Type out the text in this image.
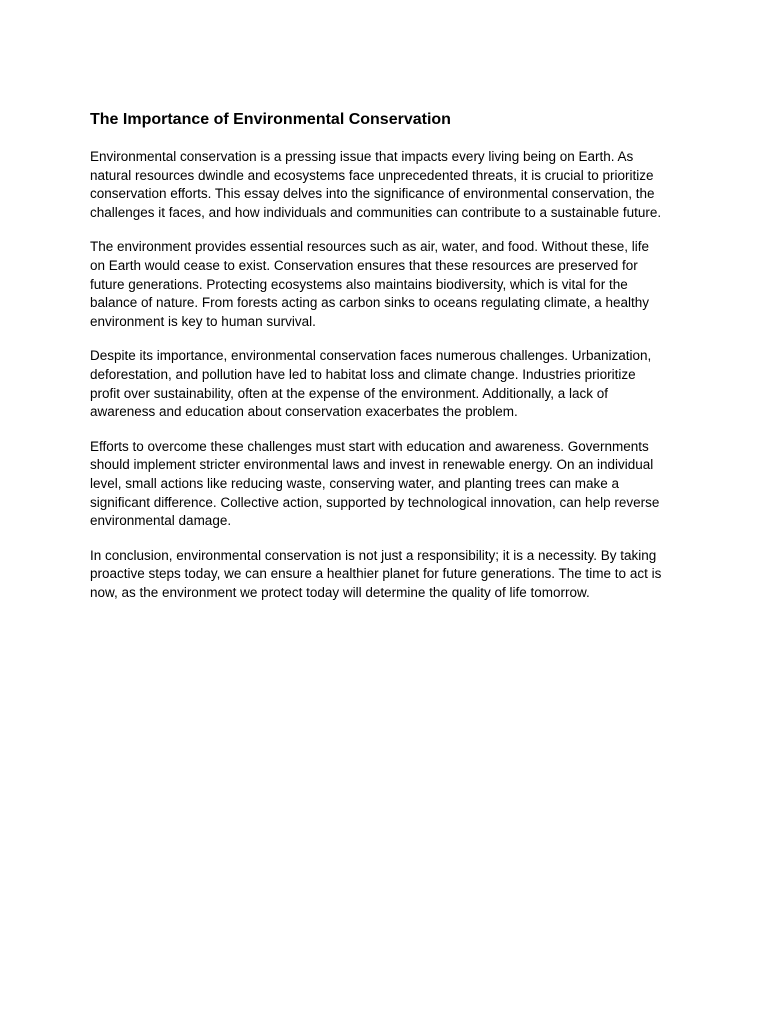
The Importance of Environmental Conservation

Environmental conservation is a pressing issue that impacts every living being on Earth. As
natural resources dwindle and ecosystems face unprecedented threats, it is crucial to prioritize
conservation efforts. This essay delves into the significance of environmental conservation, the
challenges it faces, and how individuals and communities can contribute to a sustainable future.

The environment provides essential resources such as air, water, and food. Without these, life
on Earth would cease to exist. Conservation ensures that these resources are preserved for
future generations. Protecting ecosystems also maintains biodiversity, which is vital for the
balance of nature. From forests acting as carbon sinks to oceans regulating climate, a healthy
environment is key to human survival.

Despite its importance, environmental conservation faces numerous challenges. Urbanization,
deforestation, and pollution have led to habitat loss and climate change. Industries prioritize
profit over sustainability, often at the expense of the environment. Additionally, a lack of
awareness and education about conservation exacerbates the problem.

Efforts to overcome these challenges must start with education and awareness. Governments
should implement stricter environmental laws and invest in renewable energy. On an individual
level, small actions like reducing waste, conserving water, and planting trees can make a
significant difference. Collective action, supported by technological innovation, can help reverse
environmental damage.

In conclusion, environmental conservation is not just a responsibility; it is a necessity. By taking
proactive steps today, we can ensure a healthier planet for future generations. The time to act is
now, as the environment we protect today will determine the quality of life tomorrow.
